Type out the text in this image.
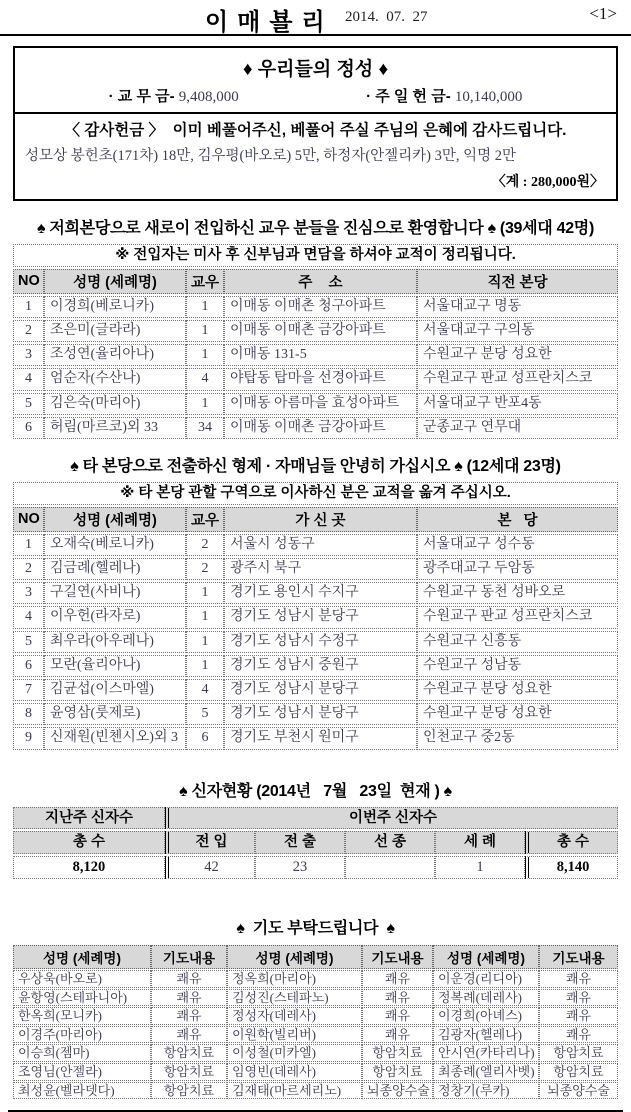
이매뵬리 2014.  07.  27	<1>
♦ 우리들의 정성 ♦
· 교 무 금- 9,408,000	· 주 일 헌 금- 10,140,000
〈 감사헌금 〉  이미 베풀어주신, 베풀어 주실 주님의 은혜에 감사드립니다.
성모상 봉헌초(171차) 18만, 김우평(바오로) 5만, 하정자(안젤리카) 3만, 익명 2만
〈계 : 280,000원〉
♠ 저희본당으로 새로이 전입하신 교우 분들을 진심으로 환영합니다 ♠ (39세대 42명)
※ 전입자는 미사 후 신부님과 면담을 하셔야 교적이 정리됩니다.				
NO	성명 (세례명)	교우	주    소	직전 본당
1	이경희(베로니카)	1	이매동 이매촌 청구아파트	서울대교구 명동
2	조은미(글라라)	1	이매동 이매촌 금강아파트	서울대교구 구의동
3	조성연(율리아나)	1	이매동 131-5	수원교구 분당 성요한
4	엄순자(수산나)	4	야탑동 탑마을 선경아파트	수원교구 판교 성프란치스코
5	김은숙(마리아)	1	이매동 아름마을 효성아파트	서울대교구 반포4동
6	허림(마르코)외 33	34	이매동 이매촌 금강아파트	군종교구 연무대
♠ 타 본당으로 전출하신 형제 · 자매님들 안녕히 가십시오 ♠ (12세대 23명)
※ 타 본당 관할 구역으로 이사하신 분은 교적을 옮겨 주십시오.				
NO	성명 (세례명)	교우	가 신 곳	본   당
1	오재숙(베로니카)	2	서울시 성동구	서울대교구 성수동
2	김금례(헬레나)	2	광주시 북구	광주대교구 두암동
3	구길연(사비나)	1	경기도 용인시 수지구	수원교구 동천 성바오로
4	이우헌(라자로)	1	경기도 성남시 분당구	수원교구 판교 성프란치스코
5	최우라(아우레나)	1	경기도 성남시 수정구	수원교구 신흥동
6	모란(율리아나)	1	경기도 성남시 중원구	수원교구 성남동
7	김균섭(이스마엘)	4	경기도 성남시 분당구	수원교구 분당 성요한
8	윤영삼(룻제로)	5	경기도 성남시 분당구	수원교구 분당 성요한
9	신재원(빈첸시오)외 3	6	경기도 부천시 원미구	인천교구 중2동
♠ 신자현황 (2014년   7월   23일  현재 ) ♠
지난주 신자수	이번주 신자수				
총 수	전 입	전 출	선 종	세 례	총 수
8,120	42	23		1	8,140
♠  기도 부탁드립니다  ♠
성명 (세례명)	기도내용	성명 (세례명)	기도내용	성명 (세례명)	기도내용
우상욱(바오로)	쾌유	정옥희(마리아)	쾌유	이운경(리디아)	쾌유
윤항영(스테파니아)	쾌유	김성진(스테파노)	쾌유	정복례(데레사)	쾌유
한옥희(모니카)	쾌유	정성자(데레사)	쾌유	이경희(아녜스)	쾌유
이경주(마리아)	쾌유	이원학(빌리버)	쾌유	김광자(헬레나)	쾌유
이승희(젬마)	항암치료	이성철(미카엘)	항암치료	안시연(카타리나)	항암치료
조영님(안젤라)	항암치료	임영빈(데레사)	항암치료	최종례(엘리사벳)	항암치료
최성윤(벨라뎃다)	항암치료	김재태(마르세리노)	뇌종양수술	정창기(루카)	뇌종양수술
